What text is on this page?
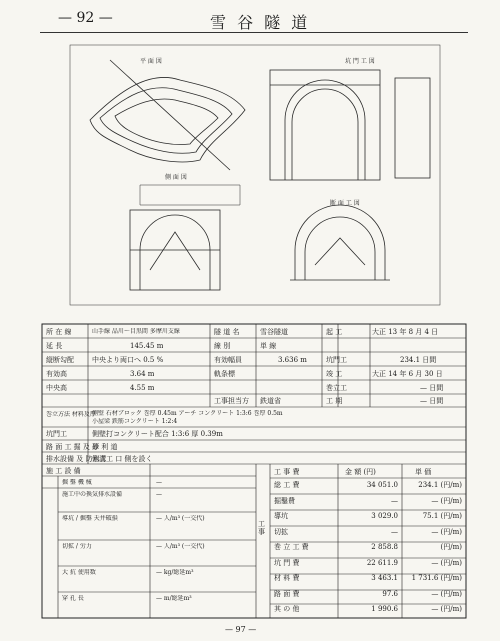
— 92 —	雪 谷 隧 道
平 面 図
側 面 図
坑 門 工 図
断 面 工 図
所 在 線	山手線 品川〜目黒間 多摩川支線	隧 道 名	雪谷隧道	起 工	大正 13 年 8 月 4 日
延 長	145.45 m	線 別	単 線
縦断勾配	中央より両口へ 0.5 %	有効幅員	3.636 m	坑門工	234.1 日間
有効高	3.64 m	軌条標	竣 工	大正 14 年 6 月 30 日
中央高	4.55 m	巻立工	— 日間
工事担当方 鉄道省	工 期	— 日間
巻立方法 材料及厚
側壁 石材ブロック 巻厚 0.45m アーチ コンクリート 1:3:6 巻厚 0.5m
小屋梁 鉄筋コンクリート 1:2:4
坑門工	側壁打コンクリート配合 1:3:6 厚 0.39m
路 面 工 掘 及 厚
砂 利 道
排水設備 及 防水工
側溝工 口 側を設く
施 工 設 備
工 事
工 事 費	金 額 (円)	単 価
総 工 費	34 051.0	234.1 (円/m)
掘鑿費	—	— (円/m)
導坑	3 029.0	75.1 (円/m)
切拡	—	— (円/m)
巻 立 工 費	2 858.8	(円/m)
坑 門 費	22 611.9	— (円/m)
材 料 費	3 463.1	1 731.6 (円/m)
路 面 費	97.6	— (円/m)
其 の 他	1 990.6	— (円/m)
掘 鑿 機 械	—
施工中の換気排水設備	—
導坑 / 掘鑿 天井破損	— 人/m³ (一交代)
切拡 / 労力	— 人/m³ (一交代)
大 抗 使用数	— kg/総延m³
穿 孔 長	— m/総延m³
— 97 —
